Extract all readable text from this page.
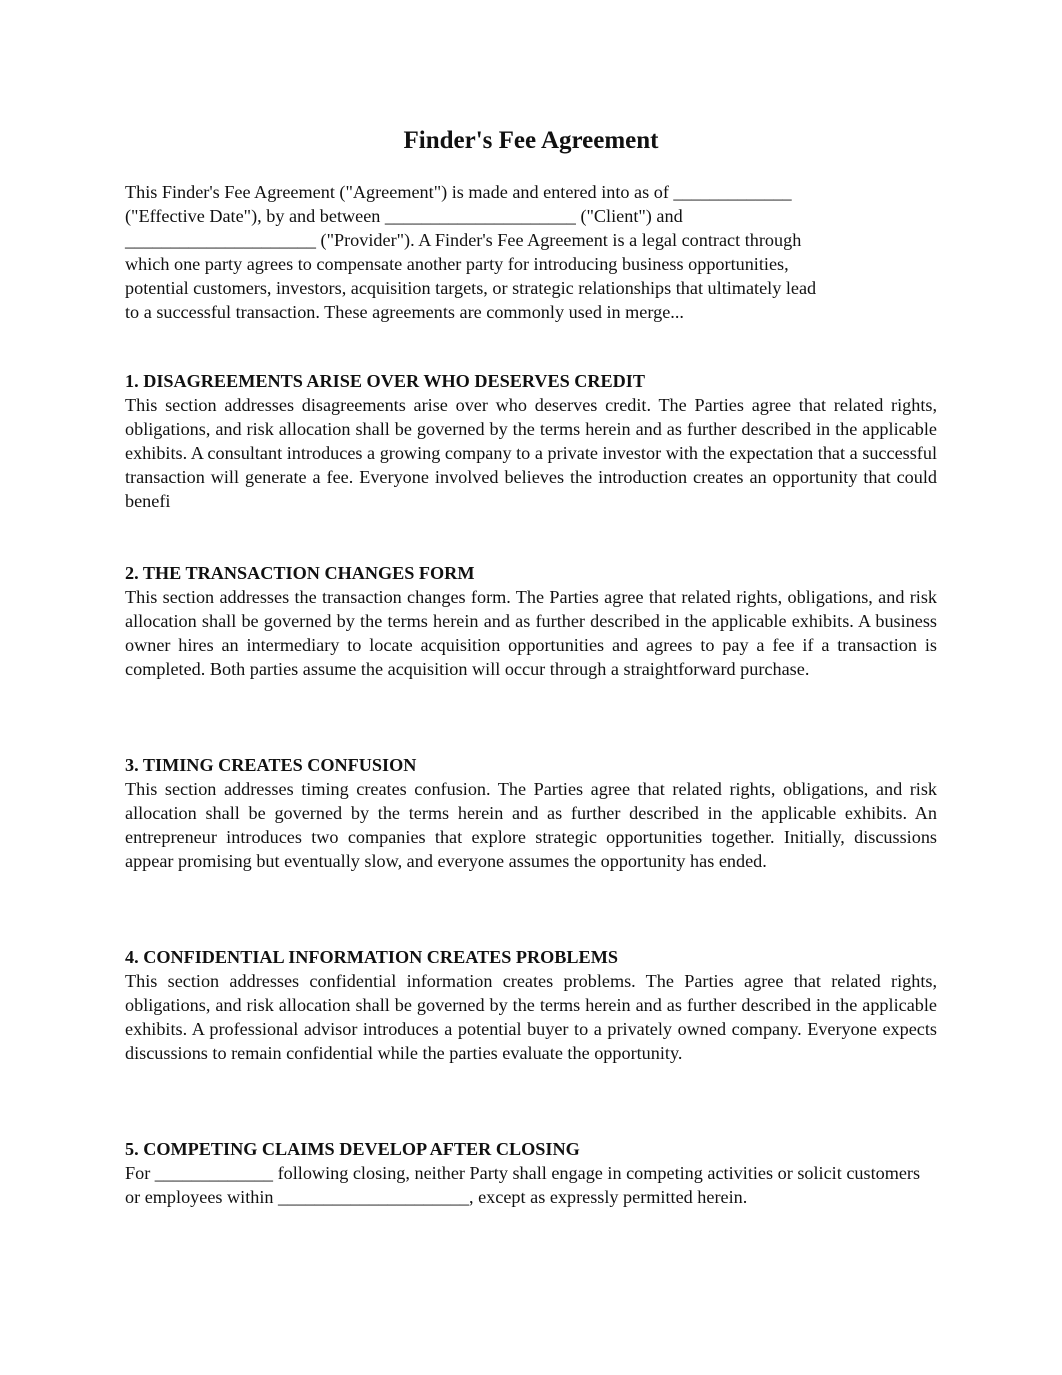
Finder's Fee Agreement
This Finder's Fee Agreement ("Agreement") is made and entered into as of _____________
("Effective Date"), by and between _____________________ ("Client") and
_____________________ ("Provider"). A Finder's Fee Agreement is a legal contract through
which one party agrees to compensate another party for introducing business opportunities,
potential customers, investors, acquisition targets, or strategic relationships that ultimately lead
to a successful transaction. These agreements are commonly used in merge...
1. DISAGREEMENTS ARISE OVER WHO DESERVES CREDIT

This section addresses disagreements arise over who deserves credit. The Parties agree that related rights, obligations, and risk allocation shall be governed by the terms herein and as further described in the applicable exhibits. A consultant introduces a growing company to a private investor with the expectation that a successful transaction will generate a fee. Everyone involved believes the introduction creates an opportunity that could benefi

2. THE TRANSACTION CHANGES FORM

This section addresses the transaction changes form. The Parties agree that related rights, obligations, and risk allocation shall be governed by the terms herein and as further described in the applicable exhibits. A business owner hires an intermediary to locate acquisition opportunities and agrees to pay a fee if a transaction is completed. Both parties assume the acquisition will occur through a straightforward purchase.

3. TIMING CREATES CONFUSION

This section addresses timing creates confusion. The Parties agree that related rights, obligations, and risk allocation shall be governed by the terms herein and as further described in the applicable exhibits. An entrepreneur introduces two companies that explore strategic opportunities together. Initially, discussions appear promising but eventually slow, and everyone assumes the opportunity has ended.

4. CONFIDENTIAL INFORMATION CREATES PROBLEMS

This section addresses confidential information creates problems. The Parties agree that related rights, obligations, and risk allocation shall be governed by the terms herein and as further described in the applicable exhibits. A professional advisor introduces a potential buyer to a privately owned company. Everyone expects discussions to remain confidential while the parties evaluate the opportunity.

5. COMPETING CLAIMS DEVELOP AFTER CLOSING

For _____________ following closing, neither Party shall engage in competing activities or solicit customers or employees within _____________________, except as expressly permitted herein.
